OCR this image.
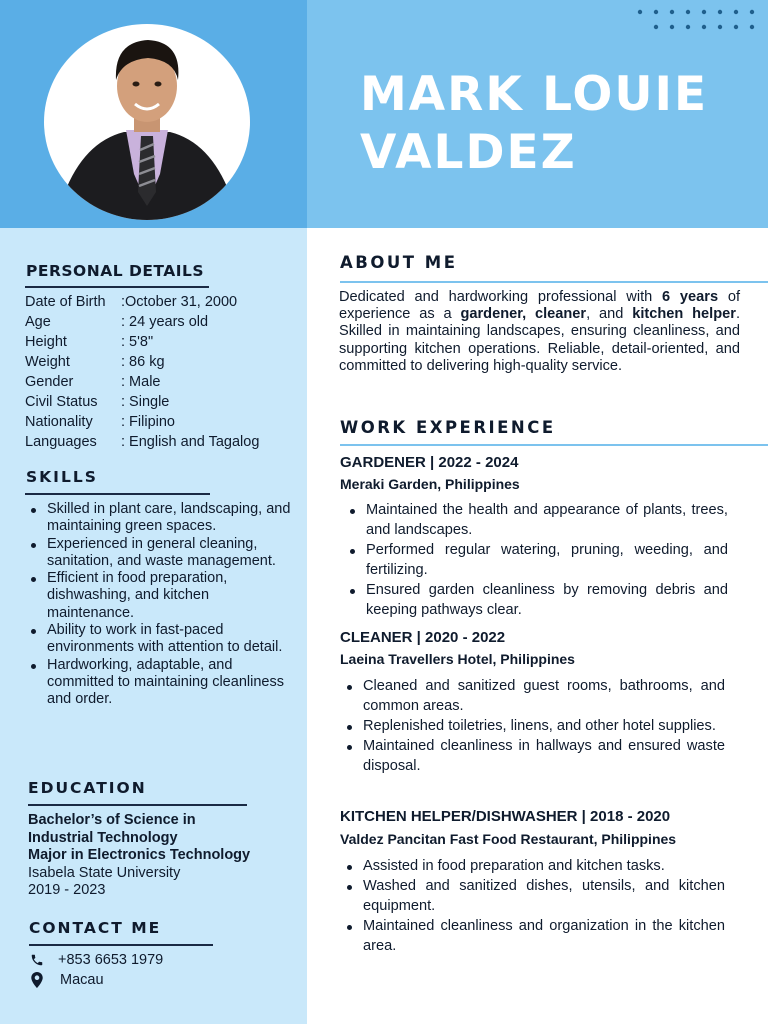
MARK LOUIE
VALDEZ
PERSONAL DETAILS
Date of Birth	:October 31, 2000
Age	: 24 years old
Height	: 5'8"
Weight	: 86 kg
Gender	: Male
Civil Status	: Single
Nationality	: Filipino
Languages	: English and Tagalog
SKILLS
Skilled in plant care, landscaping, and maintaining green spaces.
Experienced in general cleaning, sanitation, and waste management.
Efficient in food preparation, dishwashing, and kitchen maintenance.
Ability to work in fast-paced environments with attention to detail.
Hardworking, adaptable, and committed to maintaining cleanliness and order.
EDUCATION
Bachelor’s of Science in
Industrial Technology
Major in Electronics Technology
Isabela State University
2019 - 2023
CONTACT ME
+853 6653 1979
Macau
ABOUT ME

Dedicated and hardworking professional with 6 years of experience as a gardener, cleaner, and kitchen helper. Skilled in maintaining landscapes, ensuring cleanliness, and supporting kitchen operations. Reliable, detail-oriented, and committed to delivering high-quality service.

WORK EXPERIENCE
GARDENER | 2022 - 2024
Meraki Garden, Philippines
Maintained the health and appearance of plants, trees, and landscapes.
Performed regular watering, pruning, weeding, and fertilizing.
Ensured garden cleanliness by removing debris and keeping pathways clear.
CLEANER | 2020 - 2022
Laeina Travellers Hotel, Philippines
Cleaned and sanitized guest rooms, bathrooms, and common areas.
Replenished toiletries, linens, and other hotel supplies.
Maintained cleanliness in hallways and ensured waste disposal.
KITCHEN HELPER/DISHWASHER | 2018 - 2020
Valdez Pancitan Fast Food Restaurant, Philippines
Assisted in food preparation and kitchen tasks.
Washed and sanitized dishes, utensils, and kitchen equipment.
Maintained cleanliness and organization in the kitchen area.
